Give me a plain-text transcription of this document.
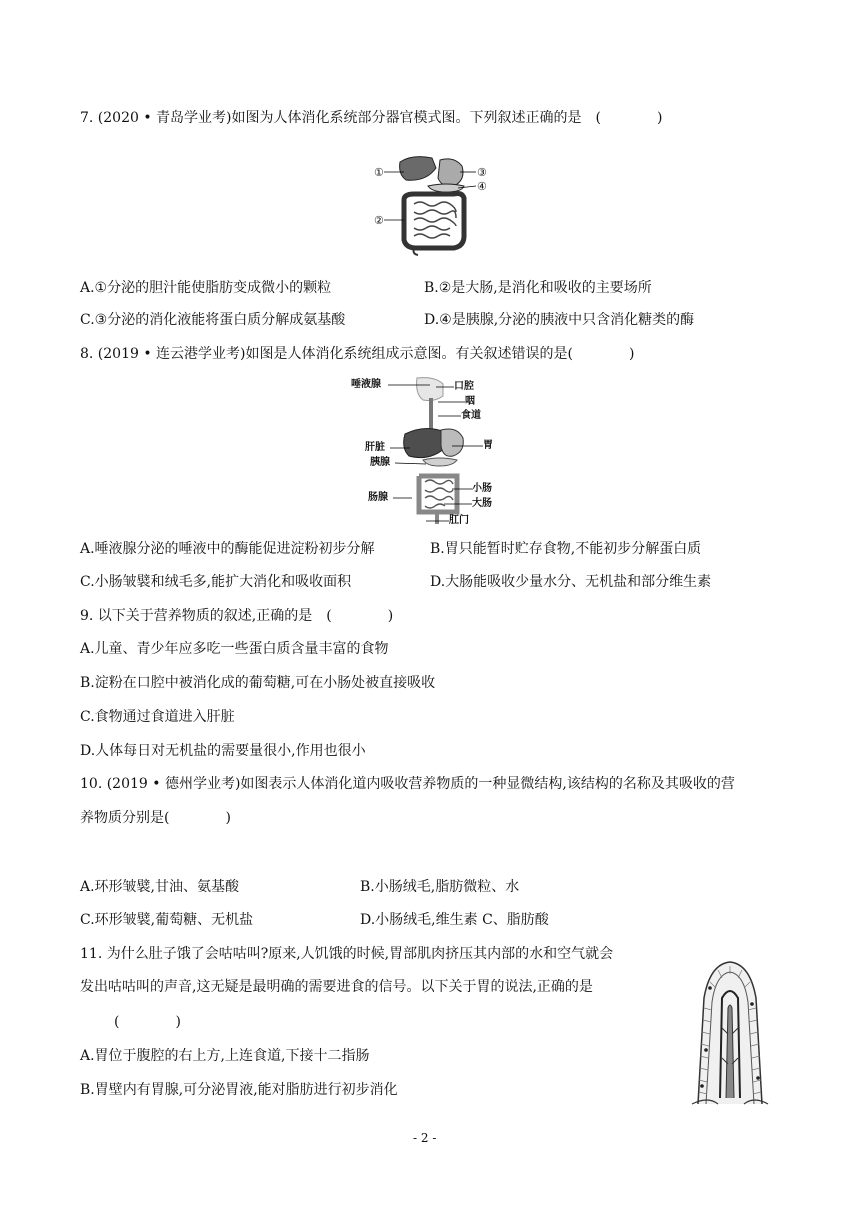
7. (2020 • 青岛学业考)如图为人体消化系统部分器官模式图。下列叙述正确的是　(　　　　)
①
②
③
④
A.①分泌的胆汁能使脂肪变成微小的颗粒	B.②是大肠,是消化和吸收的主要场所
C.③分泌的消化液能将蛋白质分解成氨基酸	D.④是胰腺,分泌的胰液中只含消化糖类的酶
8. (2019 • 连云港学业考)如图是人体消化系统组成示意图。有关叙述错误的是(　　　　)
唾液腺	口腔
咽
食道
肝脏	胃
胰腺
小肠
肠腺
大肠
肛门
A.唾液腺分泌的唾液中的酶能促进淀粉初步分解	B.胃只能暂时贮存食物,不能初步分解蛋白质
C.小肠皱襞和绒毛多,能扩大消化和吸收面积	D.大肠能吸收少量水分、无机盐和部分维生素
9. 以下关于营养物质的叙述,正确的是　(　　　　)
A.儿童、青少年应多吃一些蛋白质含量丰富的食物
B.淀粉在口腔中被消化成的葡萄糖,可在小肠处被直接吸收
C.食物通过食道进入肝脏
D.人体每日对无机盐的需要量很小,作用也很小
10. (2019 • 德州学业考)如图表示人体消化道内吸收营养物质的一种显微结构,该结构的名称及其吸收的营
养物质分别是(　　　　)
A.环形皱襞,甘油、氨基酸	B.小肠绒毛,脂肪微粒、水
C.环形皱襞,葡萄糖、无机盐	D.小肠绒毛,维生素 C、脂肪酸
11. 为什么肚子饿了会咕咕叫?原来,人饥饿的时候,胃部肌肉挤压其内部的水和空气就会
发出咕咕叫的声音,这无疑是最明确的需要进食的信号。以下关于胃的说法,正确的是
(　　　　)
A.胃位于腹腔的右上方,上连食道,下接十二指肠
B.胃壁内有胃腺,可分泌胃液,能对脂肪进行初步消化
- 2 -
